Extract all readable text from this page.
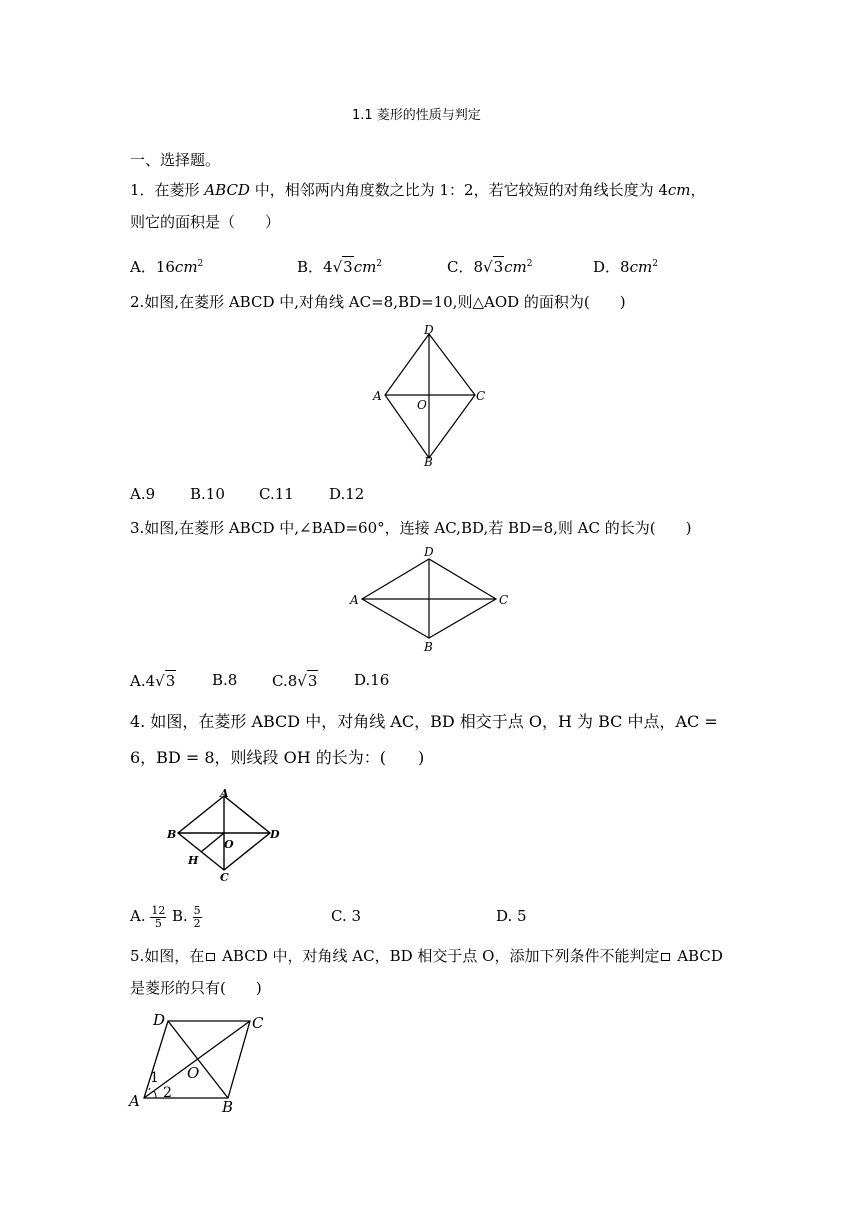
1.1 菱形的性质与判定
一、选择题。
1．在菱形 ABCD 中，相邻两内角度数之比为 1：2，若它较短的对角线长度为 4cm，
则它的面积是（　　）
A．$16cm^2$	B．$4√3cm^2$	C．$8√3cm^2$	D．$8cm^2$
2.如图,在菱形 ABCD 中,对角线 AC=8,BD=10,则△AOD 的面积为(　　)
D
A
O
C
B
A.9 B.10 C.11 D.12
3.如图,在菱形 ABCD 中,∠BAD=60°，连接 AC,BD,若 BD=8,则 AC 的长为(　　)
D
A	C
B
A.4√3 B.8 C.8√3 D.16
4. 如图，在菱形 ABCD 中，对角线 AC，BD 相交于点 O，H 为 BC 中点，AC =
6，BD = 8，则线段 OH 的长为：(　　)
A
B
O
D
H
C
A. $\frac{12}{5} B$. $\frac{5}{2}$	C. 3	D. 5
5.如图，在 ABCD 中，对角线 AC，BD 相交于点 O，添加下列条件不能判定 ABCD
是菱形的只有(　　)
D	C
O
A	B
1
2
